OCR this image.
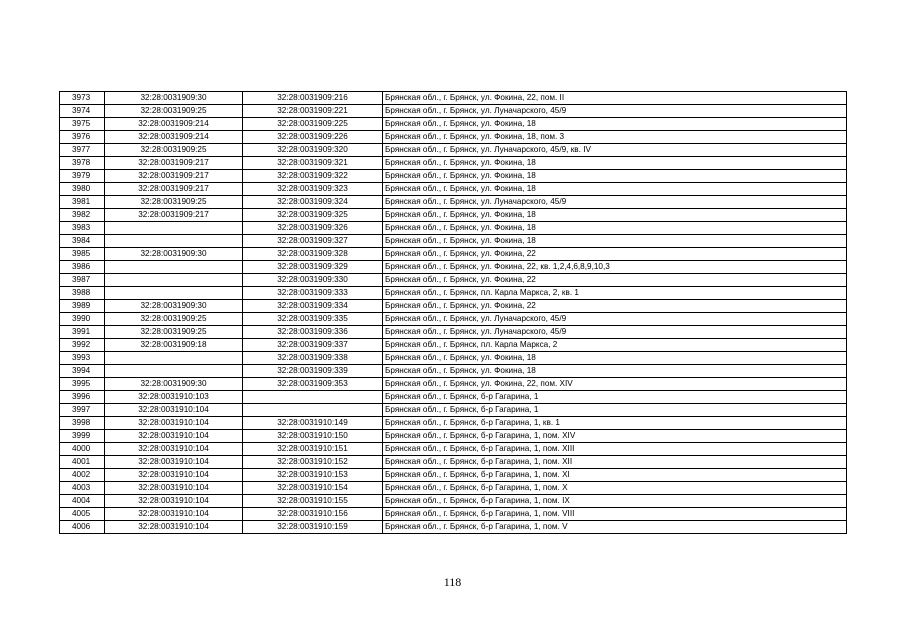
3973	32:28:0031909:30	32:28:0031909:216	Брянская обл., г. Брянск, ул. Фокина, 22, пом. II
3974	32:28:0031909:25	32:28:0031909:221	Брянская обл., г. Брянск, ул. Луначарского, 45/9
3975	32:28:0031909:214	32:28:0031909:225	Брянская обл., г. Брянск, ул. Фокина, 18
3976	32:28:0031909:214	32:28:0031909:226	Брянская обл., г. Брянск, ул. Фокина, 18, пом. 3
3977	32:28:0031909:25	32:28:0031909:320	Брянская обл., г. Брянск, ул. Луначарского, 45/9, кв. IV
3978	32:28:0031909:217	32:28:0031909:321	Брянская обл., г. Брянск, ул. Фокина, 18
3979	32:28:0031909:217	32:28:0031909:322	Брянская обл., г. Брянск, ул. Фокина, 18
3980	32:28:0031909:217	32:28:0031909:323	Брянская обл., г. Брянск, ул. Фокина, 18
3981	32:28:0031909:25	32:28:0031909:324	Брянская обл., г. Брянск, ул. Луначарского, 45/9
3982	32:28:0031909:217	32:28:0031909:325	Брянская обл., г. Брянск, ул. Фокина, 18
3983		32:28:0031909:326	Брянская обл., г. Брянск, ул. Фокина, 18
3984		32:28:0031909:327	Брянская обл., г. Брянск, ул. Фокина, 18
3985	32:28:0031909:30	32:28:0031909:328	Брянская обл., г. Брянск, ул. Фокина, 22
3986		32:28:0031909:329	Брянская обл., г. Брянск, ул. Фокина, 22, кв. 1,2,4,6,8,9,10,3
3987		32:28:0031909:330	Брянская обл., г. Брянск, ул. Фокина, 22
3988		32:28:0031909:333	Брянская обл., г. Брянск, пл. Карла Маркса, 2, кв. 1
3989	32:28:0031909:30	32:28:0031909:334	Брянская обл., г. Брянск, ул. Фокина, 22
3990	32:28:0031909:25	32:28:0031909:335	Брянская обл., г. Брянск, ул. Луначарского, 45/9
3991	32:28:0031909:25	32:28:0031909:336	Брянская обл., г. Брянск, ул. Луначарского, 45/9
3992	32:28:0031909:18	32:28:0031909:337	Брянская обл., г. Брянск, пл. Карла Маркса, 2
3993		32:28:0031909:338	Брянская обл., г. Брянск, ул. Фокина, 18
3994		32:28:0031909:339	Брянская обл., г. Брянск, ул. Фокина, 18
3995	32:28:0031909:30	32:28:0031909:353	Брянская обл., г. Брянск, ул. Фокина, 22, пом. XIV
3996	32:28:0031910:103		Брянская обл., г. Брянск, б-р Гагарина, 1
3997	32:28:0031910:104		Брянская обл., г. Брянск, б-р Гагарина, 1
3998	32:28:0031910:104	32:28:0031910:149	Брянская обл., г. Брянск, б-р Гагарина, 1, кв. 1
3999	32:28:0031910:104	32:28:0031910:150	Брянская обл., г. Брянск, б-р Гагарина, 1, пом. XIV
4000	32:28:0031910:104	32:28:0031910:151	Брянская обл., г. Брянск, б-р Гагарина, 1, пом. XIII
4001	32:28:0031910:104	32:28:0031910:152	Брянская обл., г. Брянск, б-р Гагарина, 1, пом. XII
4002	32:28:0031910:104	32:28:0031910:153	Брянская обл., г. Брянск, б-р Гагарина, 1, пом. XI
4003	32:28:0031910:104	32:28:0031910:154	Брянская обл., г. Брянск, б-р Гагарина, 1, пом. X
4004	32:28:0031910:104	32:28:0031910:155	Брянская обл., г. Брянск, б-р Гагарина, 1, пом. IX
4005	32:28:0031910:104	32:28:0031910:156	Брянская обл., г. Брянск, б-р Гагарина, 1, пом. VIII
4006	32:28:0031910:104	32:28:0031910:159	Брянская обл., г. Брянск, б-р Гагарина, 1, пом. V
118
